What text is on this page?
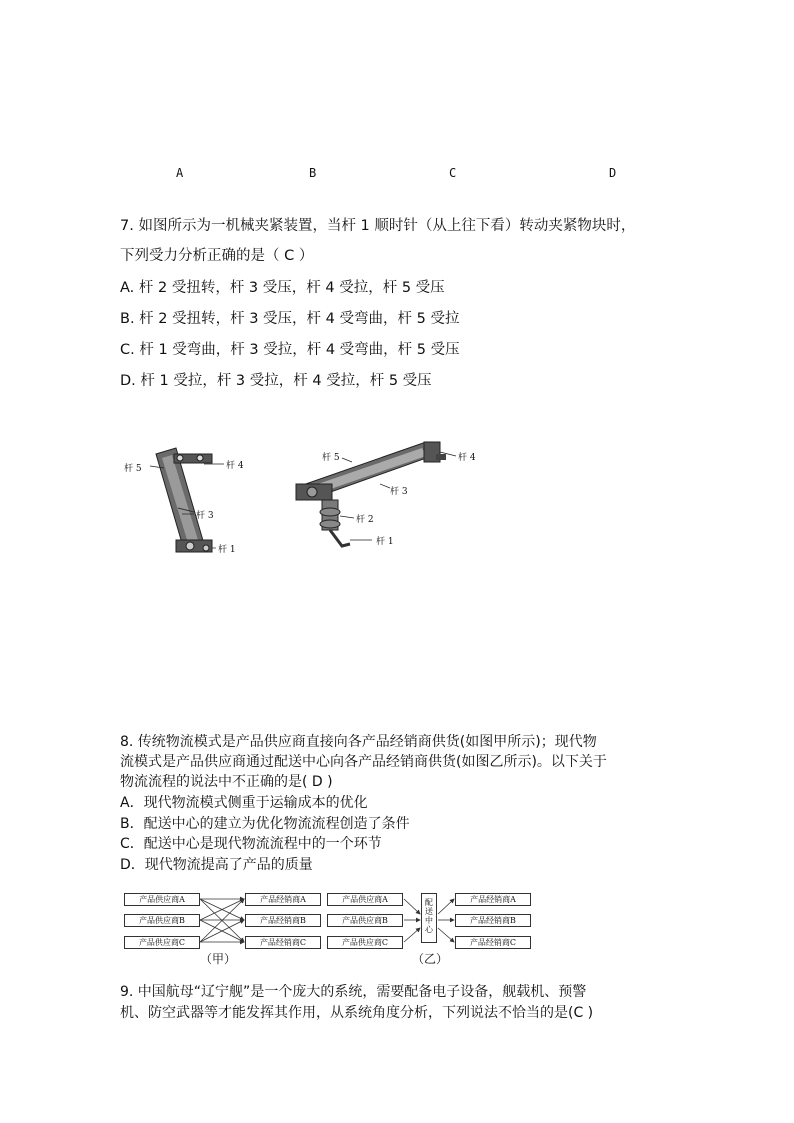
A	B	C	D
7. 如图所示为一机械夹紧装置，当杆 1 顺时针（从上往下看）转动夹紧物块时，
下列受力分析正确的是（ C ）
A. 杆 2 受扭转，杆 3 受压，杆 4 受拉，杆 5 受压
B. 杆 2 受扭转，杆 3 受压，杆 4 受弯曲，杆 5 受拉
C. 杆 1 受弯曲，杆 3 受拉，杆 4 受弯曲，杆 5 受压
D. 杆 1 受拉，杆 3 受拉，杆 4 受拉，杆 5 受压
杆 5	杆 4
杆 3
杆 1
杆 5	杆 4
杆 3
杆 2
杆 1
8. 传统物流模式是产品供应商直接向各产品经销商供货(如图甲所示)；现代物
流模式是产品供应商通过配送中心向各产品经销商供货(如图乙所示)。以下关于
物流流程的说法中不正确的是( D )
A．现代物流模式侧重于运输成本的优化
B．配送中心的建立为优化物流流程创造了条件
C．配送中心是现代物流流程中的一个环节
D．现代物流提高了产品的质量
产品供应商A
产品供应商B
产品供应商C
产品经销商A
产品经销商B
产品经销商C
产品供应商A
产品供应商B
产品供应商C
配送中心
产品经销商A
产品经销商B
产品经销商C
（甲）	（乙）
9. 中国航母“辽宁舰”是一个庞大的系统，需要配备电子设备，舰载机、预警
机、防空武器等才能发挥其作用，从系统角度分析，下列说法不恰当的是(C )
